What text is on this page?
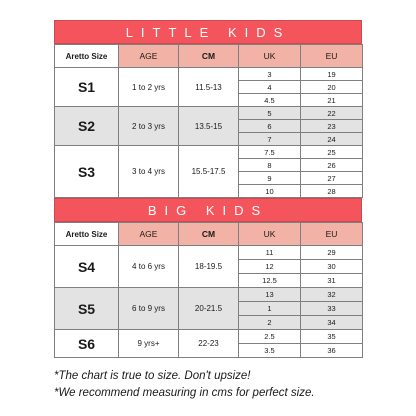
LITTLE KIDS
Aretto Size	AGE	CM	UK	EU
S1	1 to 2 yrs	11.5-13	3	19
			4	20
			4.5	21
S2	2 to 3 yrs	13.5-15	5	22
			6	23
			7	24
S3	3 to 4 yrs	15.5-17.5	7.5	25
			8	26
			9	27
			10	28
BIG KIDS
Aretto Size	AGE	CM	UK	EU
S4	4 to 6 yrs	18-19.5	11	29
			12	30
			12.5	31
S5	6 to 9 yrs	20-21.5	13	32
			1	33
			2	34
S6	9 yrs+	22-23	2.5	35
			3.5	36
*The chart is true to size. Don't upsize!
*We recommend measuring in cms for perfect size.
